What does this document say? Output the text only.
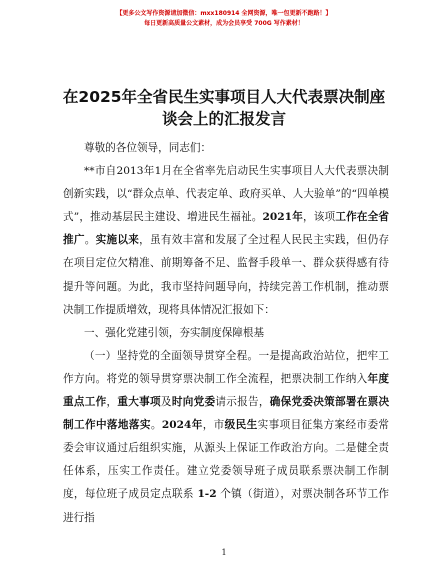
【更多公文写作资源请加微信：mxx180914 全网资源，唯一包更新不跑路！】
每日更新高质量公文素材，成为会员享受 700G 写作素材！
在2025年全省民生实事项目人大代表票决制座
谈会上的汇报发言

尊敬的各位领导，同志们：

**市自2013年1月在全省率先启动民生实事项目人大代表票决制创新实践，以“群众点单、代表定单、政府买单、人大验单”的“四单模式”，推动基层民主建设、增进民生福祉。2021年，该项工作在全省推广。实施以来，虽有效丰富和发展了全过程人民民主实践，但仍存在项目定位欠精准、前期筹备不足、监督手段单一、群众获得感有待提升等问题。为此，我市坚持问题导向，持续完善工作机制，推动票决制工作提质增效，现将具体情况汇报如下：

一、强化党建引领，夯实制度保障根基

（一）坚持党的全面领导贯穿全程。一是提高政治站位，把牢工作方向。将党的领导贯穿票决制工作全流程，把票决制工作纳入年度重点工作，重大事项及时向党委请示报告，确保党委决策部署在票决制工作中落地落实。2024年，市级民生实事项目征集方案经市委常委会审议通过后组织实施，从源头上保证工作政治方向。二是健全责任体系，压实工作责任。建立党委领导班子成员联系票决制工作制度，每位班子成员定点联系 1-2 个镇（街道），对票决制各环节工作进行指

1
